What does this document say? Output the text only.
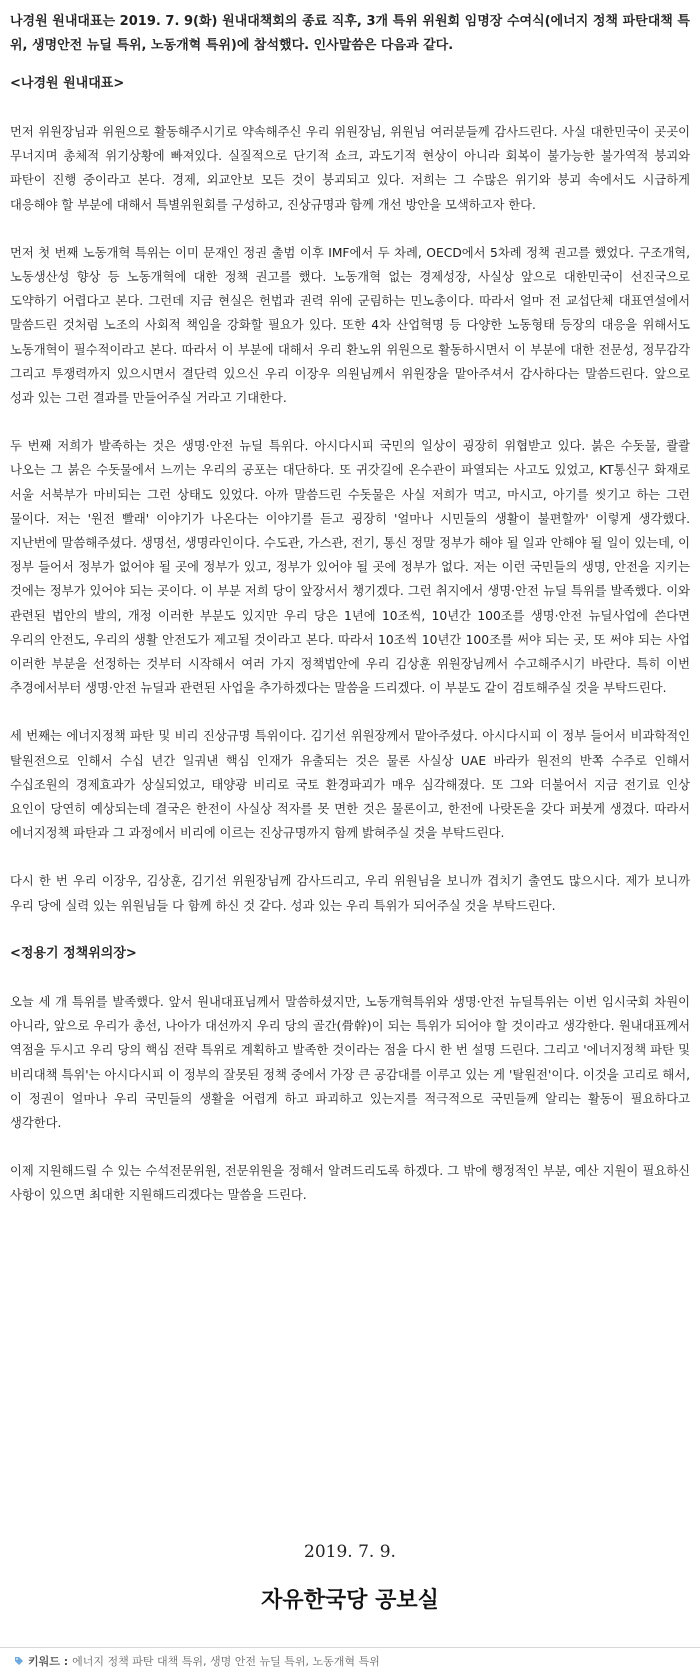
나경원 원내대표는 2019. 7. 9(화) 원내대책회의 종료 직후, 3개 특위 위원회 임명장 수여식(에너지 정책 파탄대책 특위, 생명안전 뉴딜 특위, 노동개혁 특위)에 참석했다. 인사말씀은 다음과 같다.

<나경원 원내대표>

먼저 위원장님과 위원으로 활동해주시기로 약속해주신 우리 위원장님, 위원님 여러분들께 감사드린다. 사실 대한민국이 곳곳이 무너지며 총체적 위기상황에 빠져있다. 실질적으로 단기적 쇼크, 과도기적 현상이 아니라 회복이 불가능한 불가역적 붕괴와 파탄이 진행 중이라고 본다. 경제, 외교안보 모든 것이 붕괴되고 있다. 저희는 그 수많은 위기와 붕괴 속에서도 시급하게 대응해야 할 부분에 대해서 특별위원회를 구성하고, 진상규명과 함께 개선 방안을 모색하고자 한다.

먼저 첫 번째 노동개혁 특위는 이미 문재인 정권 출범 이후 IMF에서 두 차례, OECD에서 5차례 정책 권고를 했었다. 구조개혁, 노동생산성 향상 등 노동개혁에 대한 정책 권고를 했다. 노동개혁 없는 경제성장, 사실상 앞으로 대한민국이 선진국으로 도약하기 어렵다고 본다. 그런데 지금 현실은 헌법과 권력 위에 군림하는 민노총이다. 따라서 얼마 전 교섭단체 대표연설에서 말씀드린 것처럼 노조의 사회적 책임을 강화할 필요가 있다. 또한 4차 산업혁명 등 다양한 노동형태 등장의 대응을 위해서도 노동개혁이 필수적이라고 본다. 따라서 이 부분에 대해서 우리 환노위 위원으로 활동하시면서 이 부분에 대한 전문성, 정무감각 그리고 투쟁력까지 있으시면서 결단력 있으신 우리 이장우 의원님께서 위원장을 맡아주셔서 감사하다는 말씀드린다. 앞으로 성과 있는 그런 결과를 만들어주실 거라고 기대한다.

두 번째 저희가 발족하는 것은 생명·안전 뉴딜 특위다. 아시다시피 국민의 일상이 굉장히 위협받고 있다. 붉은 수돗물, 콸콸 나오는 그 붉은 수돗물에서 느끼는 우리의 공포는 대단하다. 또 귀갓길에 온수관이 파열되는 사고도 있었고, KT통신구 화재로 서울 서북부가 마비되는 그런 상태도 있었다. 아까 말씀드린 수돗물은 사실 저희가 먹고, 마시고, 아기를 씻기고 하는 그런 물이다. 저는 '원전 빨래' 이야기가 나온다는 이야기를 듣고 굉장히 '얼마나 시민들의 생활이 불편할까' 이렇게 생각했다. 지난번에 말씀해주셨다. 생명선, 생명라인이다. 수도관, 가스관, 전기, 통신 정말 정부가 해야 될 일과 안해야 될 일이 있는데, 이 정부 들어서 정부가 없어야 될 곳에 정부가 있고, 정부가 있어야 될 곳에 정부가 없다. 저는 이런 국민들의 생명, 안전을 지키는 것에는 정부가 있어야 되는 곳이다. 이 부분 저희 당이 앞장서서 챙기겠다. 그런 취지에서 생명·안전 뉴딜 특위를 발족했다. 이와 관련된 법안의 발의, 개정 이러한 부분도 있지만 우리 당은 1년에 10조씩, 10년간 100조를 생명·안전 뉴딜사업에 쓴다면 우리의 안전도, 우리의 생활 안전도가 제고될 것이라고 본다. 따라서 10조씩 10년간 100조를 써야 되는 곳, 또 써야 되는 사업 이러한 부분을 선정하는 것부터 시작해서 여러 가지 정책법안에 우리 김상훈 위원장님께서 수고해주시기 바란다. 특히 이번 추경에서부터 생명·안전 뉴딜과 관련된 사업을 추가하겠다는 말씀을 드리겠다. 이 부분도 같이 검토해주실 것을 부탁드린다.

세 번째는 에너지정책 파탄 및 비리 진상규명 특위이다. 김기선 위원장께서 맡아주셨다. 아시다시피 이 정부 들어서 비과학적인 탈원전으로 인해서 수십 년간 일궈낸 핵심 인재가 유출되는 것은 물론 사실상 UAE 바라카 원전의 반쪽 수주로 인해서 수십조원의 경제효과가 상실되었고, 태양광 비리로 국토 환경파괴가 매우 심각해졌다. 또 그와 더불어서 지금 전기료 인상 요인이 당연히 예상되는데 결국은 한전이 사실상 적자를 못 면한 것은 물론이고, 한전에 나랏돈을 갖다 퍼붓게 생겼다. 따라서 에너지정책 파탄과 그 과정에서 비리에 이르는 진상규명까지 함께 밝혀주실 것을 부탁드린다.

다시 한 번 우리 이장우, 김상훈, 김기선 위원장님께 감사드리고, 우리 위원님을 보니까 겹치기 출연도 많으시다. 제가 보니까 우리 당에 실력 있는 위원님들 다 함께 하신 것 같다. 성과 있는 우리 특위가 되어주실 것을 부탁드린다.

<정용기 정책위의장>

오늘 세 개 특위를 발족했다. 앞서 원내대표님께서 말씀하셨지만, 노동개혁특위와 생명·안전 뉴딜특위는 이번 임시국회 차원이 아니라, 앞으로 우리가 총선, 나아가 대선까지 우리 당의 골간(骨幹)이 되는 특위가 되어야 할 것이라고 생각한다. 원내대표께서 역점을 두시고 우리 당의 핵심 전략 특위로 계획하고 발족한 것이라는 점을 다시 한 번 설명 드린다. 그리고 '에너지정책 파탄 및 비리대책 특위'는 아시다시피 이 정부의 잘못된 정책 중에서 가장 큰 공감대를 이루고 있는 게 '탈원전'이다. 이것을 고리로 해서, 이 정권이 얼마나 우리 국민들의 생활을 어렵게 하고 파괴하고 있는지를 적극적으로 국민들께 알리는 활동이 필요하다고 생각한다.

이제 지원해드릴 수 있는 수석전문위원, 전문위원을 정해서 알려드리도록 하겠다. 그 밖에 행정적인 부분, 예산 지원이 필요하신 사항이 있으면 최대한 지원해드리겠다는 말씀을 드린다.

2019. 7. 9.
자유한국당 공보실
키워드 : 에너지 정책 파탄 대책 특위, 생명 안전 뉴딜 특위, 노동개혁 특위
